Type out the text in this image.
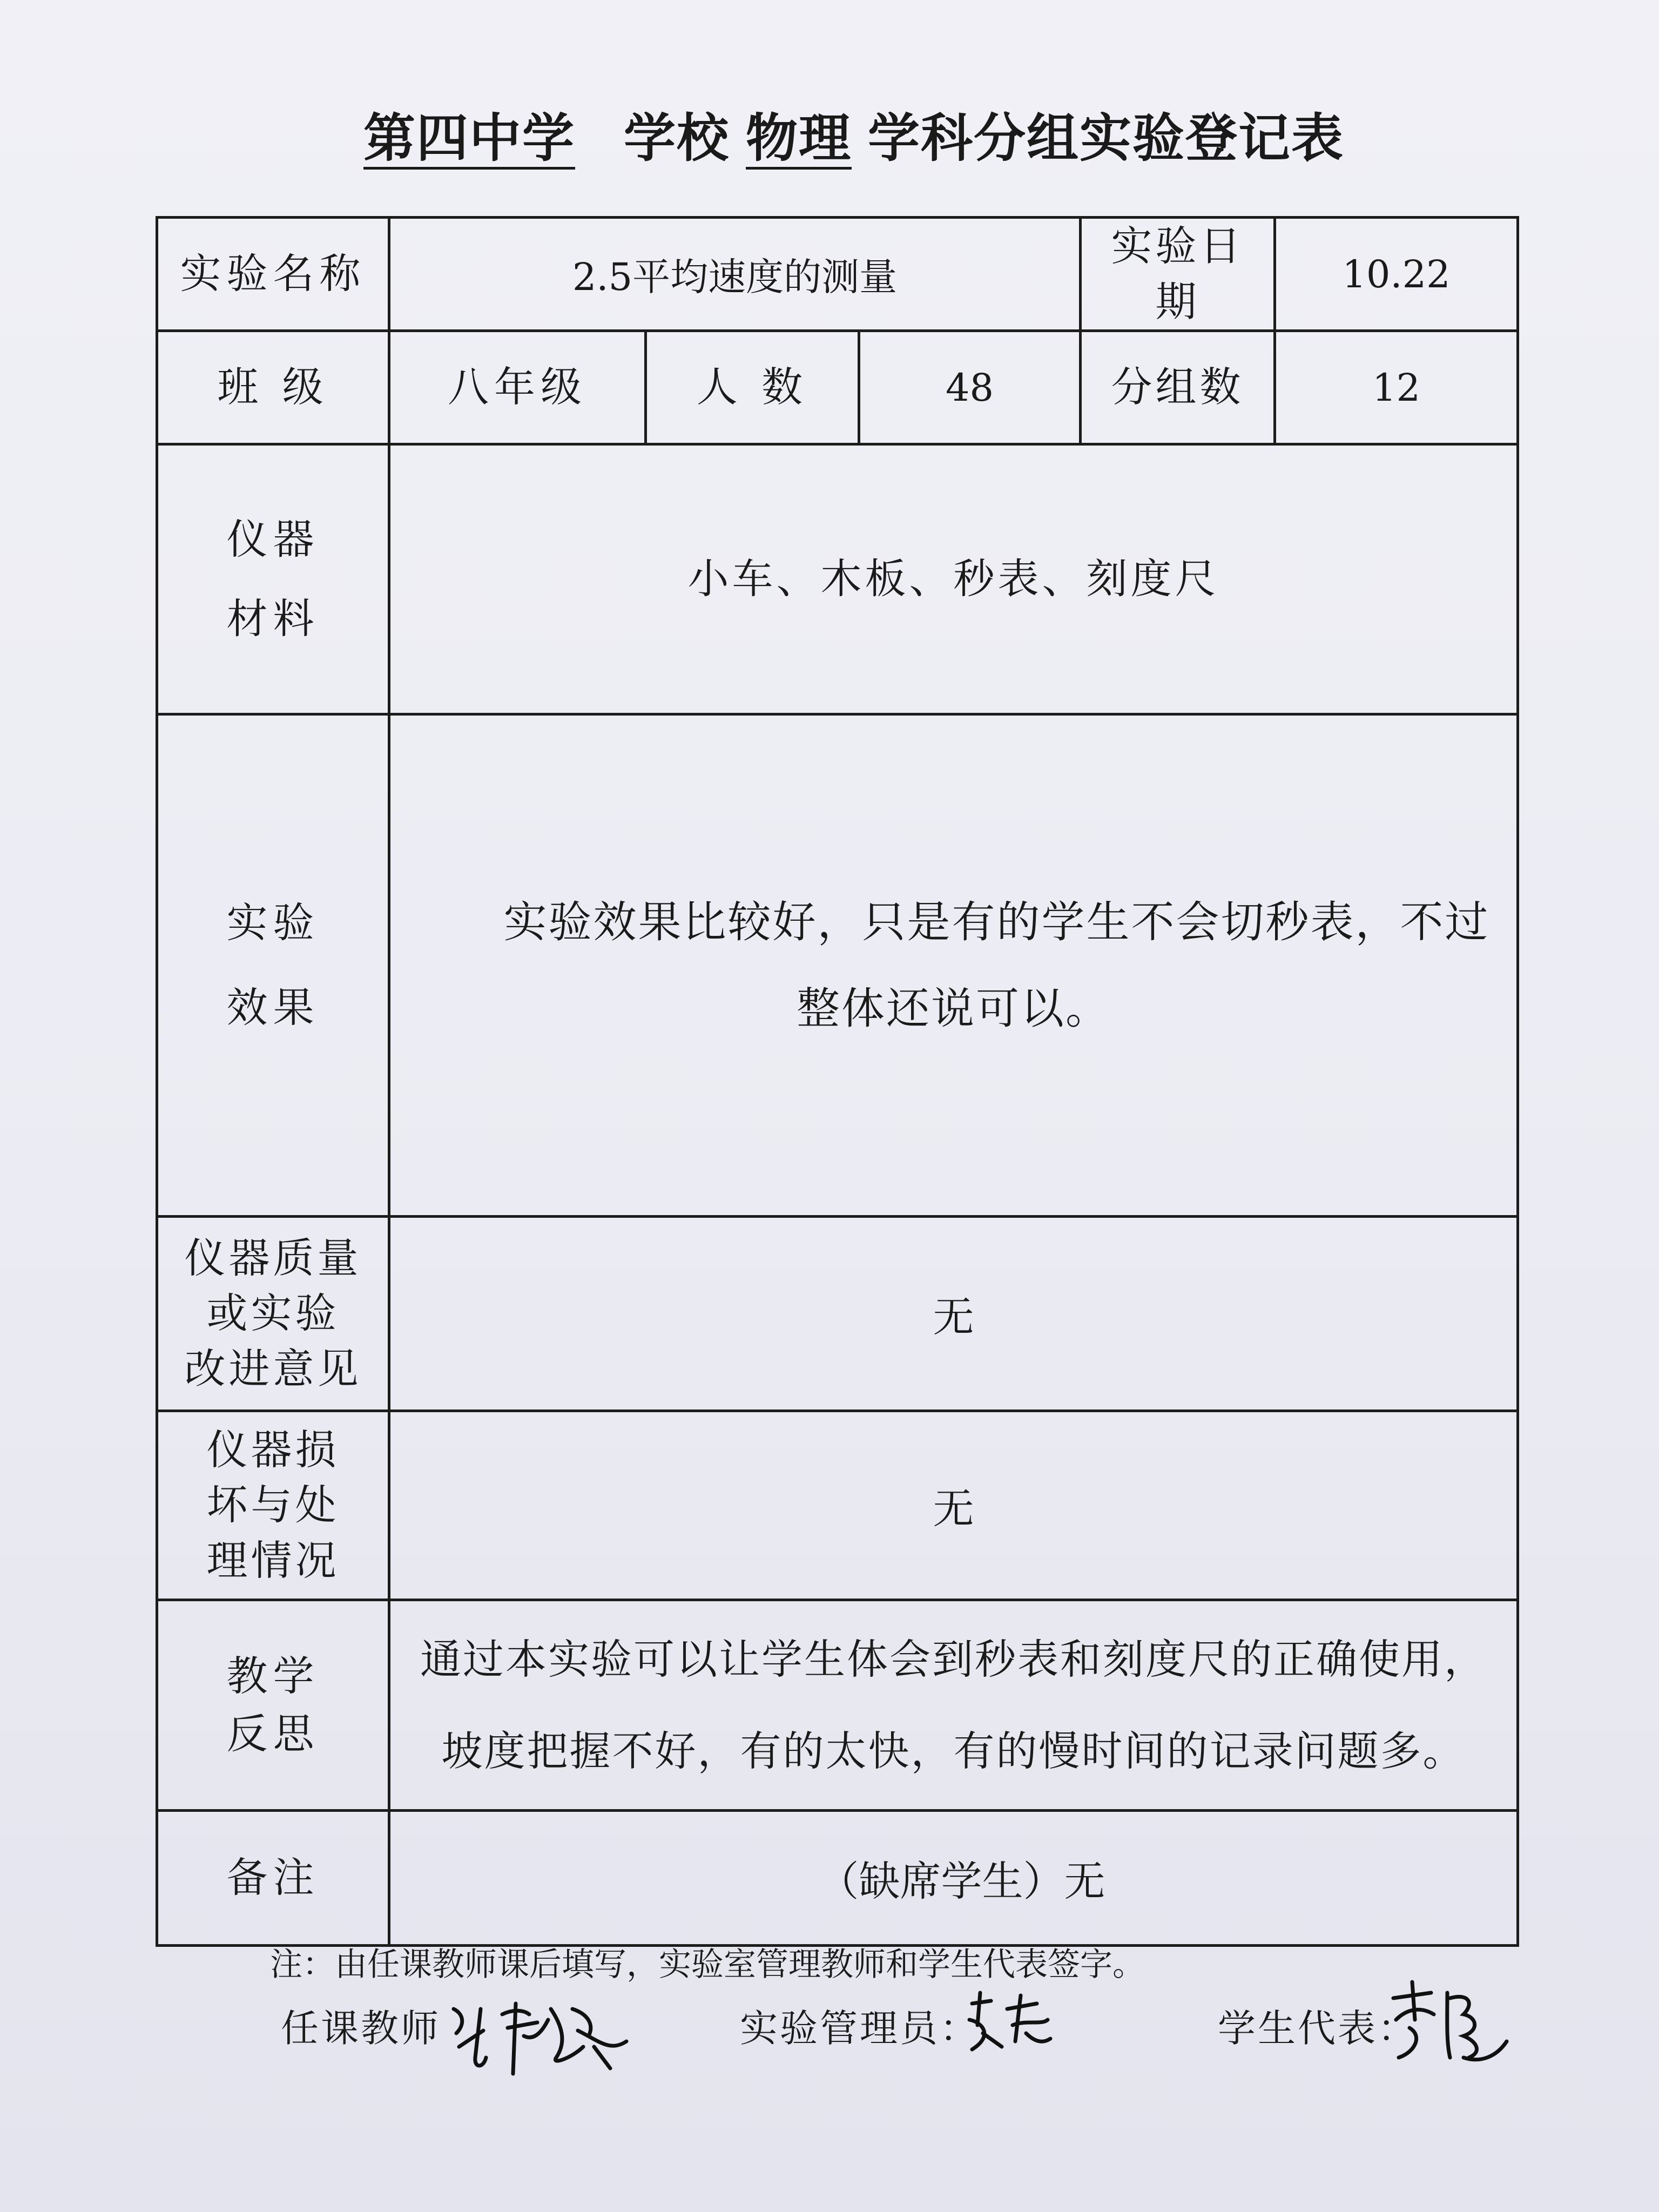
第四中学 学校 物理 学科分组实验登记表
实验名称	2.5平均速度的测量			实验日期	10.22
班 级	八年级	人 数	48	分组数	12

仪器
材料	小车、木板、秒表、刻度尺				

实验
效果	实验效果比较好，只是有的学生不会切秒表，不过整体还说可以。				

仪器质量
或实验
改进意见	无				

仪器损
坏与处
理情况	无				

教学
反思	通过本实验可以让学生体会到秒表和刻度尺的正确使用，坡度把握不好，有的太快，有的慢时间的记录问题多。				
备注	（缺席学生）无				
注：由任课教师课后填写，实验室管理教师和学生代表签字。
任课教师	实验管理员：	学生代表：
